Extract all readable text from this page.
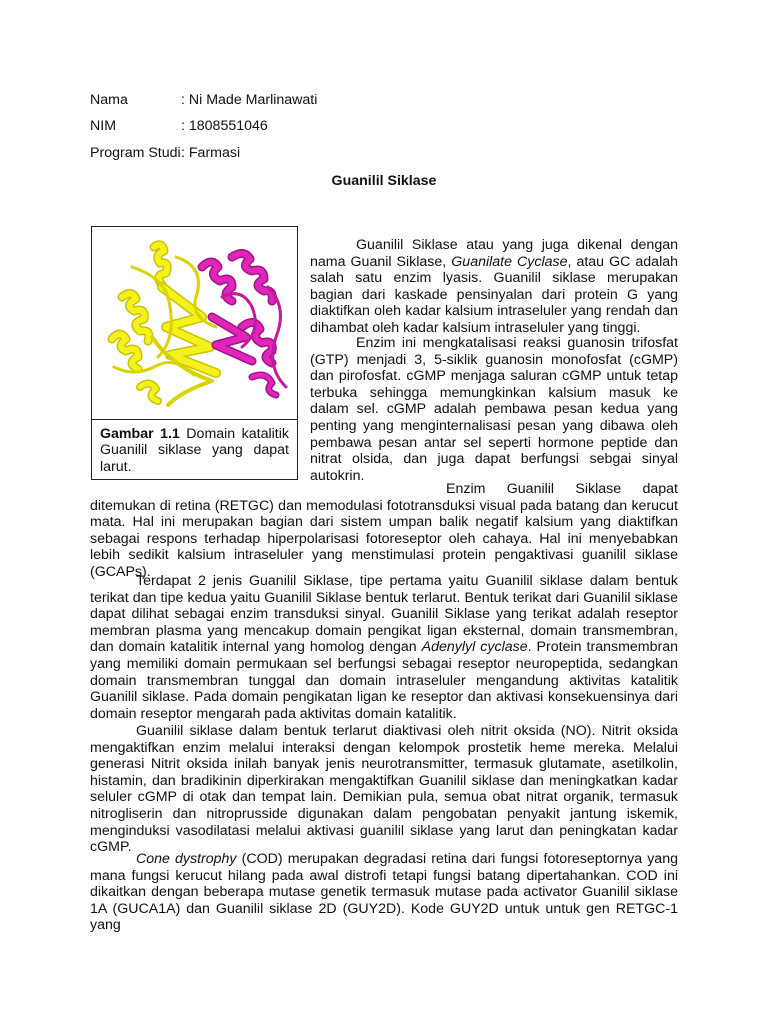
Nama	: Ni Made Marlinawati
NIM	: 1808551046
Program Studi : Farmasi
Guanilil Siklase
Gambar 1.1 Domain katalitik Guanilil siklase yang dapat larut.

Guanilil Siklase atau yang juga dikenal dengan nama Guanil Siklase, Guanilate Cyclase, atau GC adalah salah satu enzim lyasis. Guanilil siklase merupakan bagian dari kaskade pensinyalan dari protein G yang diaktifkan oleh kadar kalsium intraseluler yang rendah dan dihambat oleh kadar kalsium intraseluler yang tinggi.

Enzim ini mengkatalisasi reaksi guanosin trifosfat (GTP) menjadi 3, 5-siklik guanosin monofosfat (cGMP) dan pirofosfat. cGMP menjaga saluran cGMP untuk tetap terbuka sehingga memungkinkan kalsium masuk ke dalam sel. cGMP adalah pembawa pesan kedua yang penting yang menginternalisasi pesan yang dibawa oleh pembawa pesan antar sel seperti hormone peptide dan nitrat olsida, dan juga dapat berfungsi sebgai sinyal autokrin.

Enzim Guanilil Siklase dapat ditemukan di retina (RETGC) dan memodulasi fototransduksi visual pada batang dan kerucut mata. Hal ini merupakan bagian dari sistem umpan balik negatif kalsium yang diaktifkan sebagai respons terhadap hiperpolarisasi fotoreseptor oleh cahaya. Hal ini menyebabkan lebih sedikit kalsium intraseluler yang menstimulasi protein pengaktivasi guanilil siklase (GCAPs).

Terdapat 2 jenis Guanilil Siklase, tipe pertama yaitu Guanilil siklase dalam bentuk terikat dan tipe kedua yaitu Guanilil Siklase bentuk terlarut. Bentuk terikat dari Guanilil siklase dapat dilihat sebagai enzim transduksi sinyal. Guanilil Siklase yang terikat adalah reseptor membran plasma yang mencakup domain pengikat ligan eksternal, domain transmembran, dan domain katalitik internal yang homolog dengan Adenylyl cyclase. Protein transmembran yang memiliki domain permukaan sel berfungsi sebagai reseptor neuropeptida, sedangkan domain transmembran tunggal dan domain intraseluler mengandung aktivitas katalitik Guanilil siklase. Pada domain pengikatan ligan ke reseptor dan aktivasi konsekuensinya dari domain reseptor mengarah pada aktivitas domain katalitik.

Guanilil siklase dalam bentuk terlarut diaktivasi oleh nitrit oksida (NO). Nitrit oksida mengaktifkan enzim melalui interaksi dengan kelompok prostetik heme mereka. Melalui generasi Nitrit oksida inilah banyak jenis neurotransmitter, termasuk glutamate, asetilkolin, histamin, dan bradikinin diperkirakan mengaktifkan Guanilil siklase dan meningkatkan kadar seluler cGMP di otak dan tempat lain. Demikian pula, semua obat nitrat organik, termasuk nitrogliserin dan nitroprusside digunakan dalam pengobatan penyakit jantung iskemik, menginduksi vasodilatasi melalui aktivasi guanilil siklase yang larut dan peningkatan kadar cGMP.

Cone dystrophy (COD) merupakan degradasi retina dari fungsi fotoreseptornya yang mana fungsi kerucut hilang pada awal distrofi tetapi fungsi batang dipertahankan. COD ini dikaitkan dengan beberapa mutase genetik termasuk mutase pada activator Guanilil siklase 1A (GUCA1A) dan Guanilil siklase 2D (GUY2D). Kode GUY2D untuk untuk gen RETGC-1 yang
